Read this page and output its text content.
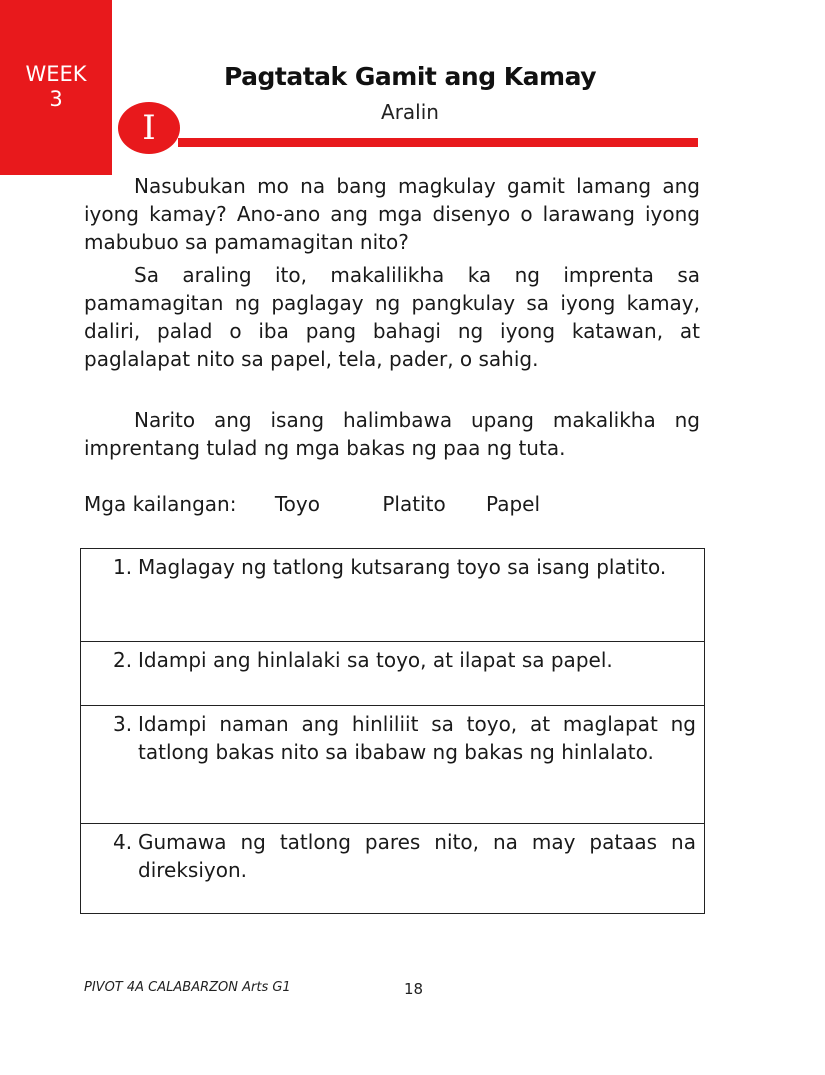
WEEK
3
Pagtatak Gamit ang Kamay
Aralin
I

Nasubukan mo na bang magkulay gamit lamang ang iyong kamay? Ano-ano ang mga disenyo o larawang iyong mabubuo sa pamamagitan nito?

Sa araling ito, makalilikha ka ng imprenta sa pamamagitan ng paglagay ng pangkulay sa iyong kamay, daliri, palad o iba pang bahagi ng iyong katawan, at paglalapat nito sa papel, tela, pader, o sahig.

Narito ang isang halimbawa upang makalikha ng imprentang tulad ng mga bakas ng paa ng tuta.

Mga kailangan: Toyo	Platito Papel
1. Maglagay ng tatlong kutsarang toyo sa isang platito.
2. Idampi ang hinlalaki sa toyo, at ilapat sa papel.
3. Idampi naman ang hinliliit sa toyo, at maglapat ng tatlong bakas nito sa ibabaw ng bakas ng hinlalato.
4. Gumawa ng tatlong pares nito, na may pataas na direksiyon.
PIVOT 4A CALABARZON Arts G1	18
